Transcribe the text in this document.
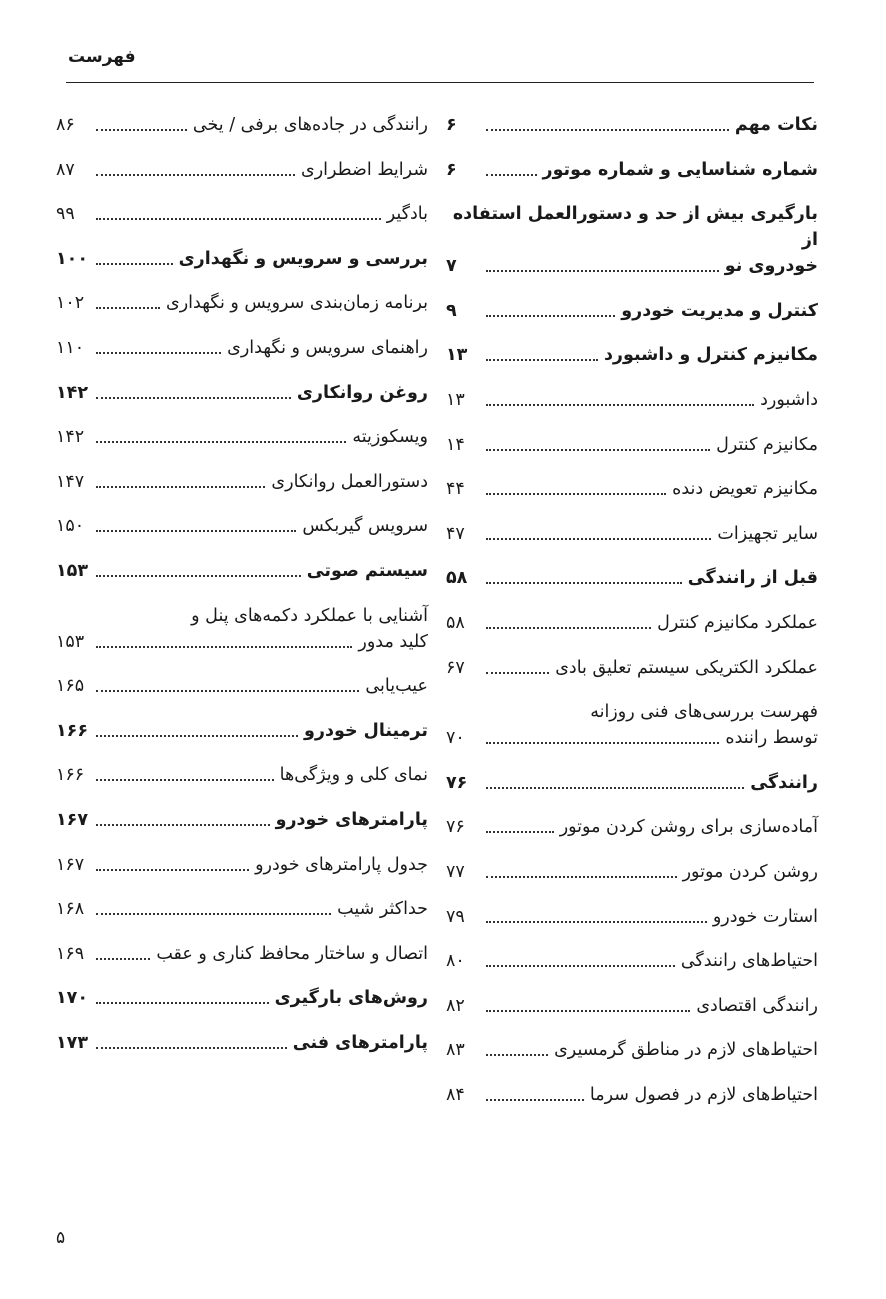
فهرست
نکات مهم
۶
شماره شناسایی و شماره موتور
۶
بارگیری بیش از حد و دستورالعمل استفاده از
خودروی نو
۷
کنترل و مدیریت خودرو
۹
مکانیزم کنترل و داشبورد
۱۳
داشبورد
۱۳
مکانیزم کنترل
۱۴
مکانیزم تعویض دنده
۴۴
سایر تجهیزات
۴۷
قبل از رانندگی
۵۸
عملکرد مکانیزم کنترل
۵۸
عملکرد الکتریکی سیستم تعلیق بادی
۶۷
فهرست بررسی‌های فنی روزانه
توسط راننده
۷۰
رانندگی
۷۶
آماده‌سازی برای روشن کردن موتور
۷۶
روشن کردن موتور
۷۷
استارت خودرو
۷۹
احتیاط‌های رانندگی
۸۰
رانندگی اقتصادی
۸۲
احتیاط‌های لازم در مناطق گرمسیری
۸۳
احتیاط‌های لازم در فصول سرما
۸۴
رانندگی در جاده‌های برفی / یخی
۸۶
شرایط اضطراری
۸۷
بادگیر
۹۹
بررسی و سرویس و نگهداری
۱۰۰
برنامه زمان‌بندی سرویس و نگهداری
۱۰۲
راهنمای سرویس و نگهداری
۱۱۰
روغن روانکاری
۱۴۲
ویسکوزیته
۱۴۲
دستورالعمل روانکاری
۱۴۷
سرویس گیربکس
۱۵۰
سیستم صوتی
۱۵۳
آشنایی با عملکرد دکمه‌های پنل و
کلید مدور
۱۵۳
عیب‌یابی
۱۶۵
ترمینال خودرو
۱۶۶
نمای کلی و ویژگی‌ها
۱۶۶
پارامترهای خودرو
۱۶۷
جدول پارامترهای خودرو
۱۶۷
حداکثر شیب
۱۶۸
اتصال و ساختار محافظ کناری و عقب
۱۶۹
روش‌های بارگیری
۱۷۰
پارامترهای فنی
۱۷۳
۵
